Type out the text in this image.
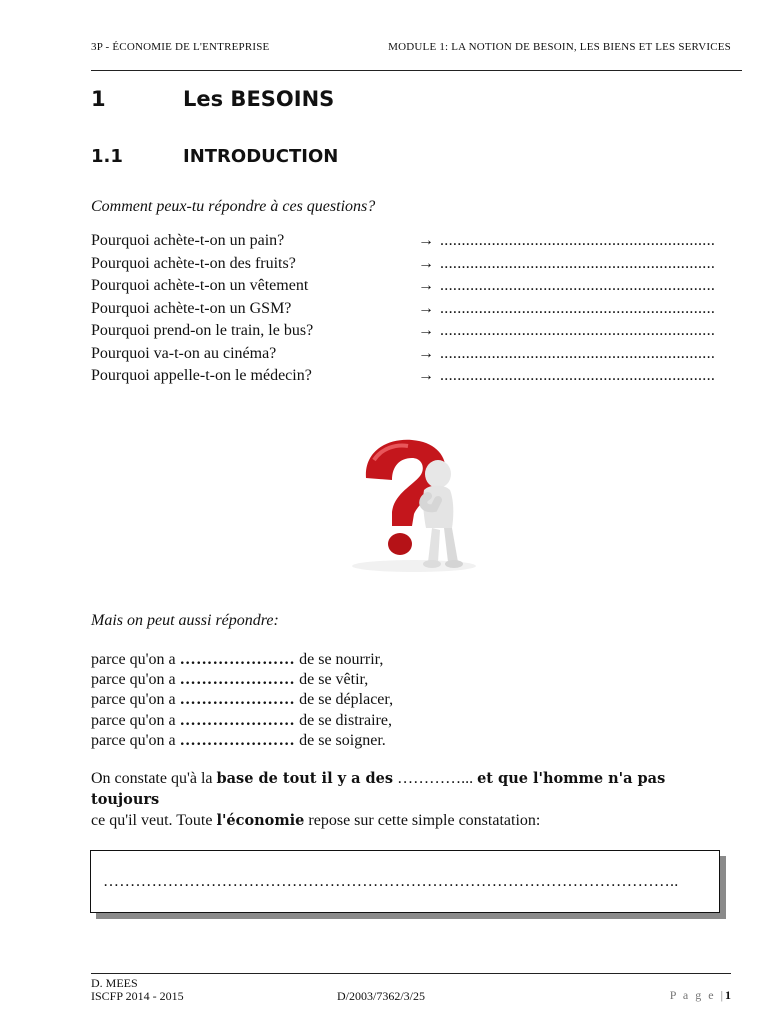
3P - ÉCONOMIE DE L'ENTREPRISE	MODULE 1: LA NOTION DE BESOIN, LES BIENS ET LES SERVICES
1	Les BESOINS
1.1	INTRODUCTION
Comment peux-tu répondre à ces questions?
Pourquoi achète-t-on un pain?	→ ................................................................
Pourquoi achète-t-on des fruits?	→ ................................................................
Pourquoi achète-t-on un vêtement	→ ................................................................
Pourquoi achète-t-on un GSM?	→ ................................................................
Pourquoi prend-on le train, le bus?	→ ................................................................
Pourquoi va-t-on au cinéma?	→ ................................................................
Pourquoi appelle-t-on le médecin?	→ ................................................................
Mais on peut aussi répondre:
parce qu'on a ………………… de se nourrir,
parce qu'on a ………………… de se vêtir,
parce qu'on a ………………… de se déplacer,
parce qu'on a ………………… de se distraire,
parce qu'on a ………………… de se soigner.
On constate qu'à la base de tout il y a des …………... et que l'homme n'a pas toujours
ce qu'il veut. Toute l'économie repose sur cette simple constatation:
……………………………………………………………………………………………..
D. MEES
ISCFP 2014 - 2015	D/2003/7362/3/25	P a g e |1
